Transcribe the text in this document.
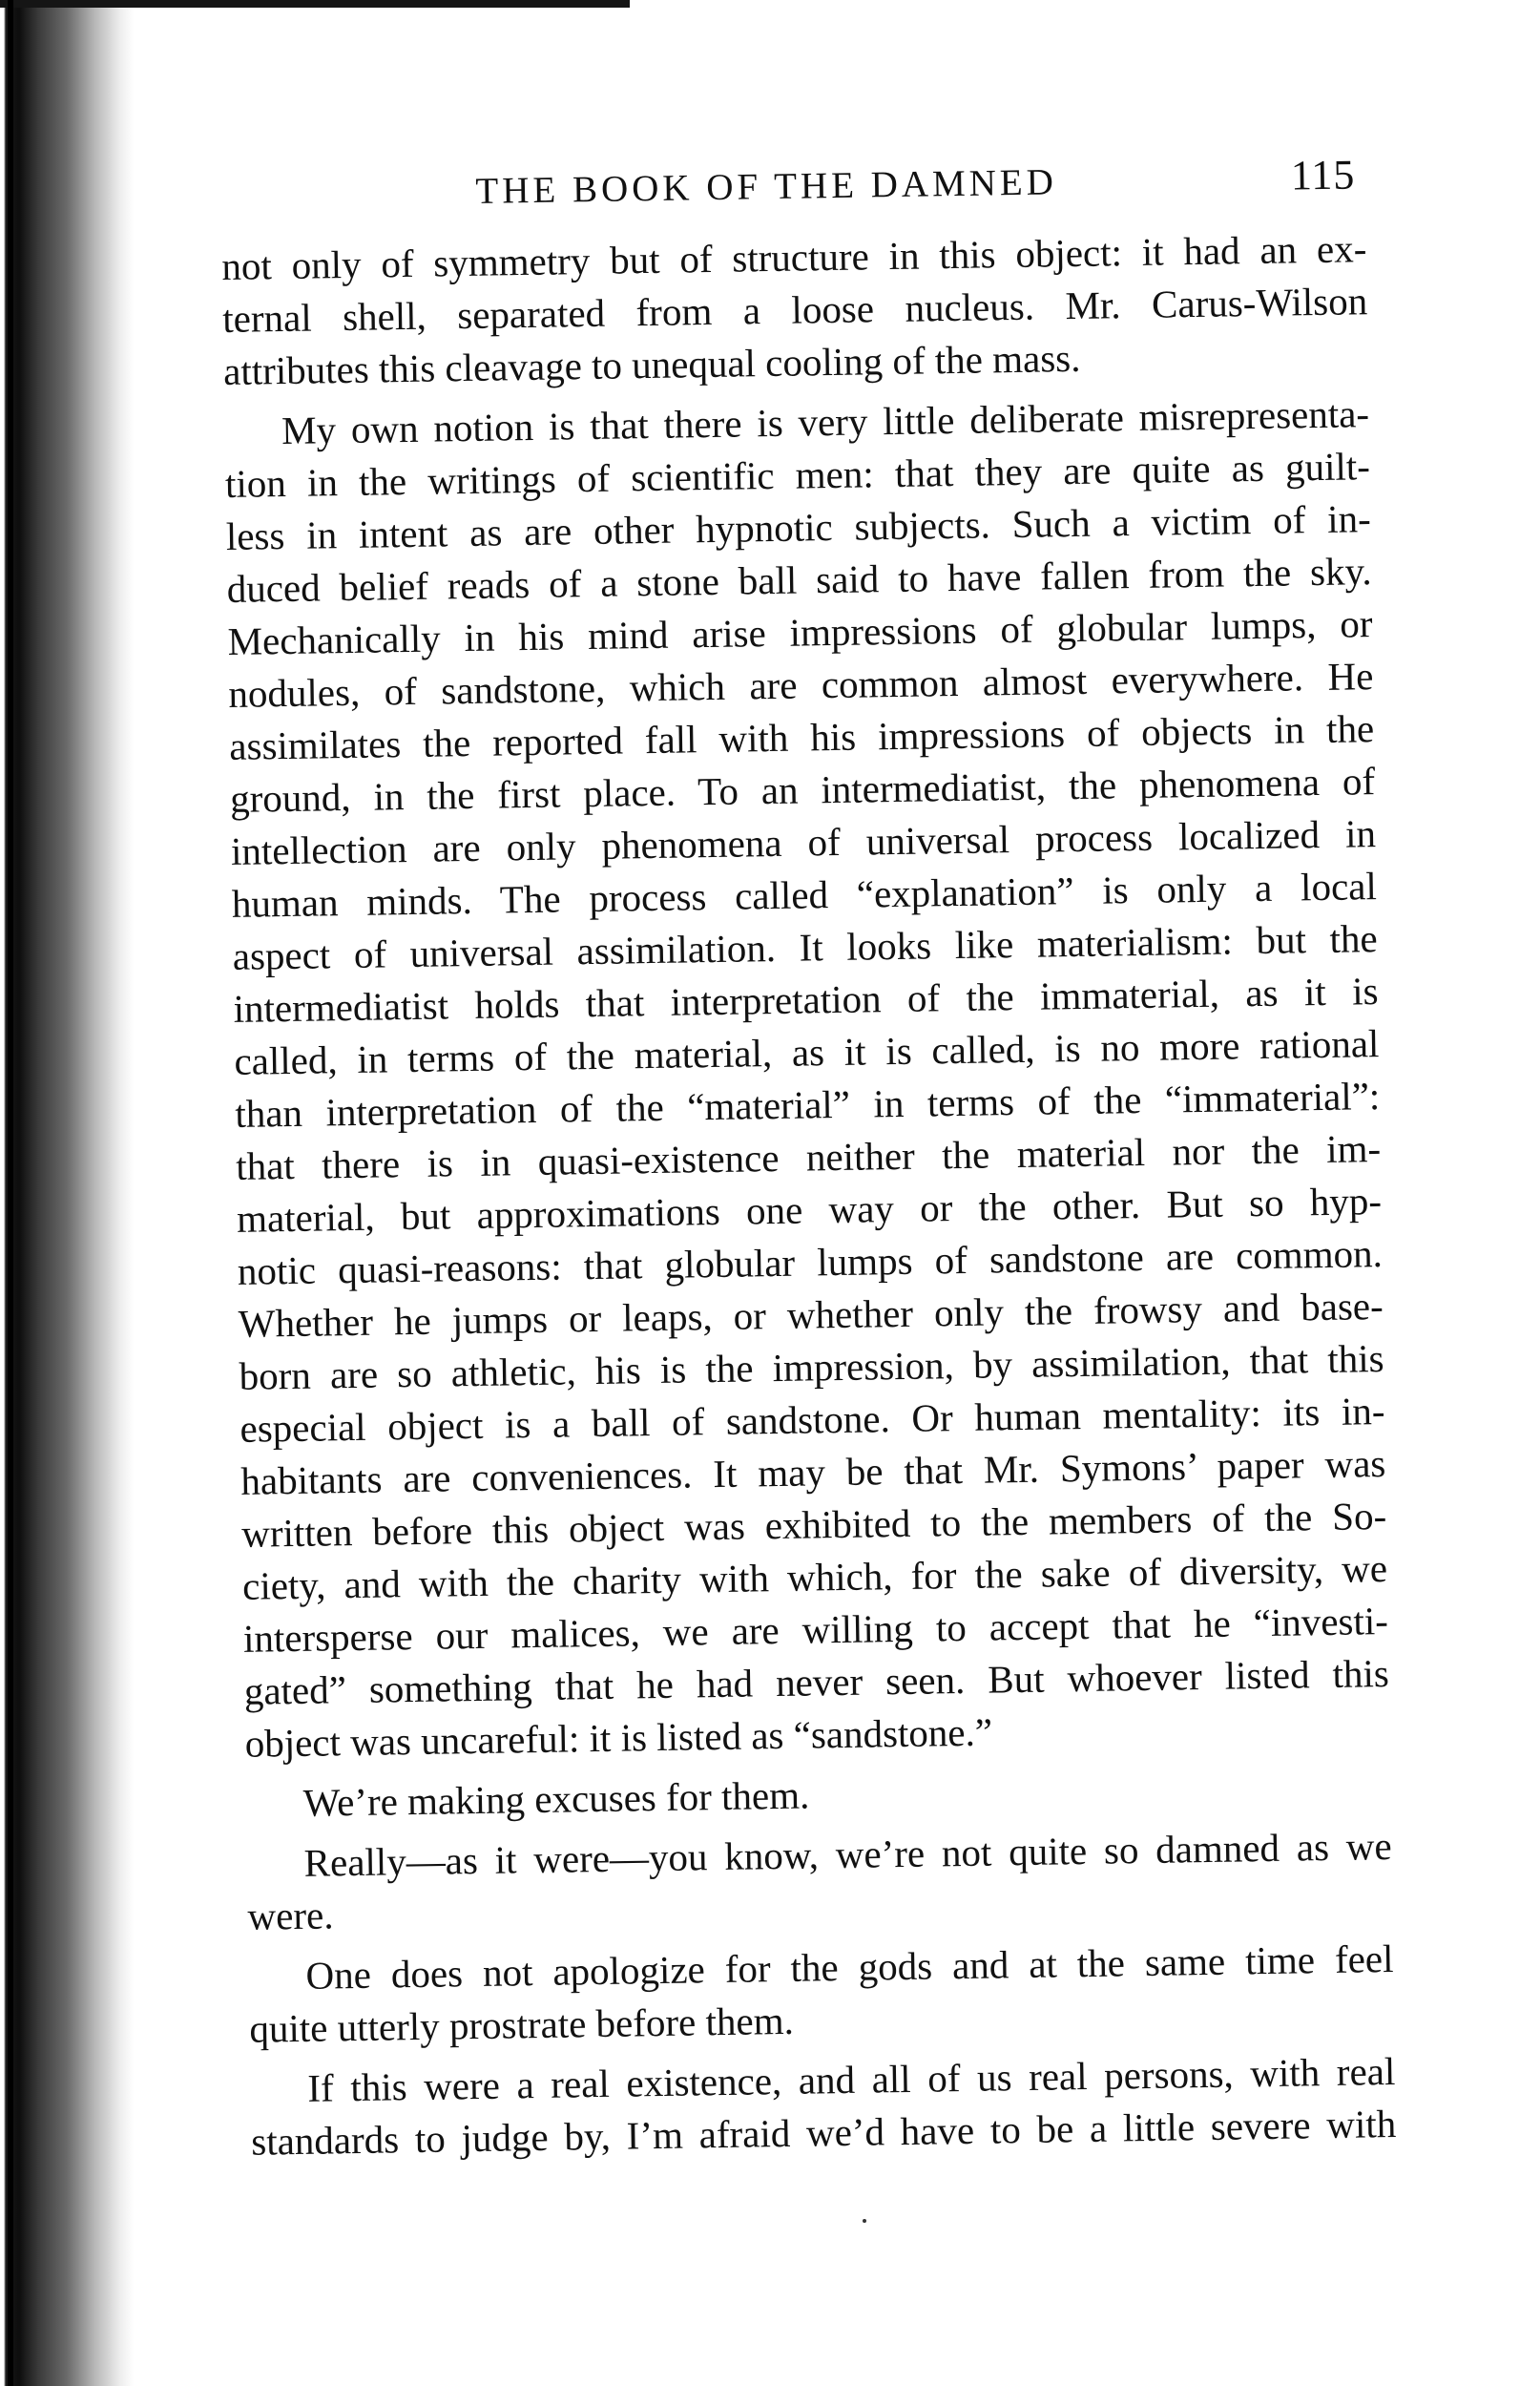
THE BOOK OF THE DAMNED	115
not only of symmetry but of structure in this object: it had an ex-
ternal shell, separated from a loose nucleus. Mr. Carus-Wilson
attributes this cleavage to unequal cooling of the mass.
My own notion is that there is very little deliberate misrepresenta-
tion in the writings of scientific men: that they are quite as guilt-
less in intent as are other hypnotic subjects. Such a victim of in-
duced belief reads of a stone ball said to have fallen from the sky.
Mechanically in his mind arise impressions of globular lumps, or
nodules, of sandstone, which are common almost everywhere. He
assimilates the reported fall with his impressions of objects in the
ground, in the first place. To an intermediatist, the phenomena of
intellection are only phenomena of universal process localized in
human minds. The process called “explanation” is only a local
aspect of universal assimilation. It looks like materialism: but the
intermediatist holds that interpretation of the immaterial, as it is
called, in terms of the material, as it is called, is no more rational
than interpretation of the “material” in terms of the “immaterial”:
that there is in quasi-existence neither the material nor the im-
material, but approximations one way or the other. But so hyp-
notic quasi-reasons: that globular lumps of sandstone are common.
Whether he jumps or leaps, or whether only the frowsy and base-
born are so athletic, his is the impression, by assimilation, that this
especial object is a ball of sandstone. Or human mentality: its in-
habitants are conveniences. It may be that Mr. Symons’ paper was
written before this object was exhibited to the members of the So-
ciety, and with the charity with which, for the sake of diversity, we
intersperse our malices, we are willing to accept that he “investi-
gated” something that he had never seen. But whoever listed this
object was uncareful: it is listed as “sandstone.”
We’re making excuses for them.
Really—as it were—you know, we’re not quite so damned as we
were.
One does not apologize for the gods and at the same time feel
quite utterly prostrate before them.
If this were a real existence, and all of us real persons, with real
standards to judge by, I’m afraid we’d have to be a little severe with
